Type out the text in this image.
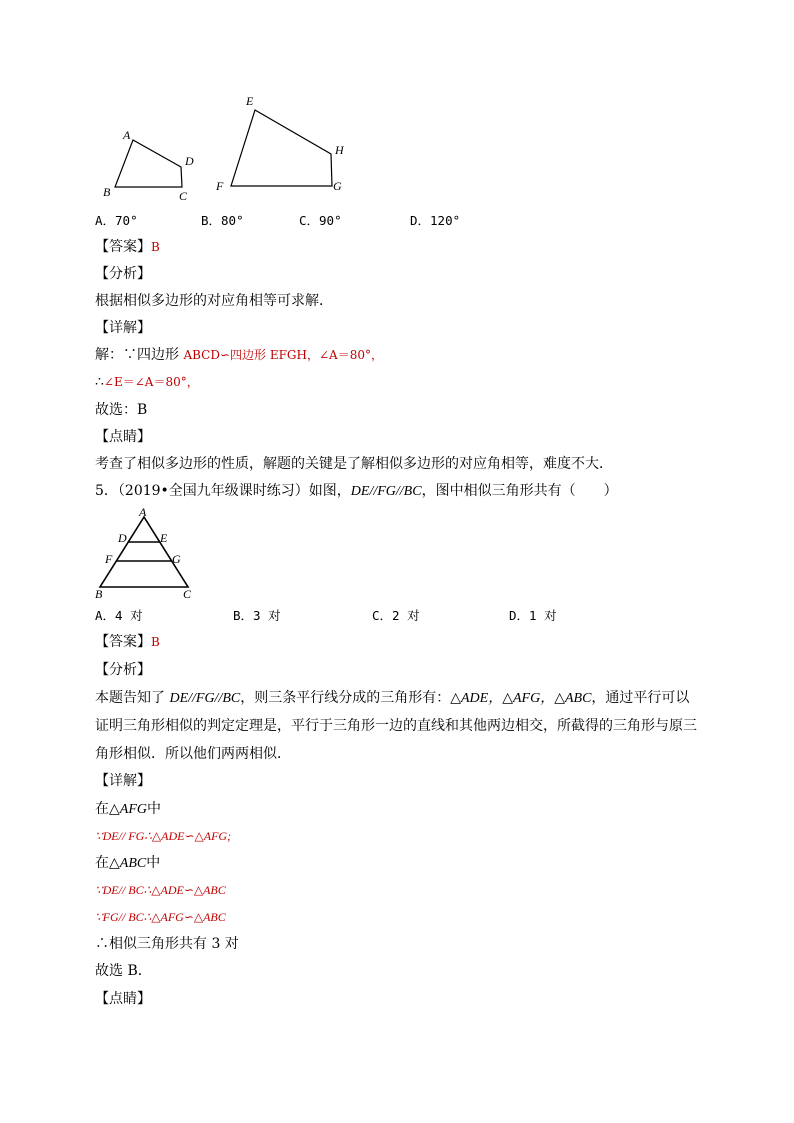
A
B	C
D
E
F	G
H
A．70°	B．80°	C．90°	D．120°
【答案】B
【分析】
根据相似多边形的对应角相等可求解．
【详解】
解：∵四边形 ABCD∽四边形 EFGH，∠A＝80°，
∴∠E＝∠A＝80°，
故选：B
【点睛】
考查了相似多边形的性质，解题的关键是了解相似多边形的对应角相等，难度不大．
5．（2019•全国九年级课时练习）如图，DE//FG//BC，图中相似三角形共有（　　）
A
D	E
F	G
B	C
A．4 对	B．3 对	C．2 对	D．1 对
【答案】B
【分析】
本题告知了 DE//FG//BC，则三条平行线分成的三角形有：△ADE，△AFG，△ABC，通过平行可以
证明三角形相似的判定定理是，平行于三角形一边的直线和其他两边相交，所截得的三角形与原三
角形相似．所以他们两两相似．
【详解】
在△AFG中
∵DE// FG∴△ADE∽△AFG;
在△ABC中
∵DE// BC∴△ADE∽△ABC
∵FG// BC∴△AFG∽△ABC
∴相似三角形共有 3 对
故选 B．
【点睛】
